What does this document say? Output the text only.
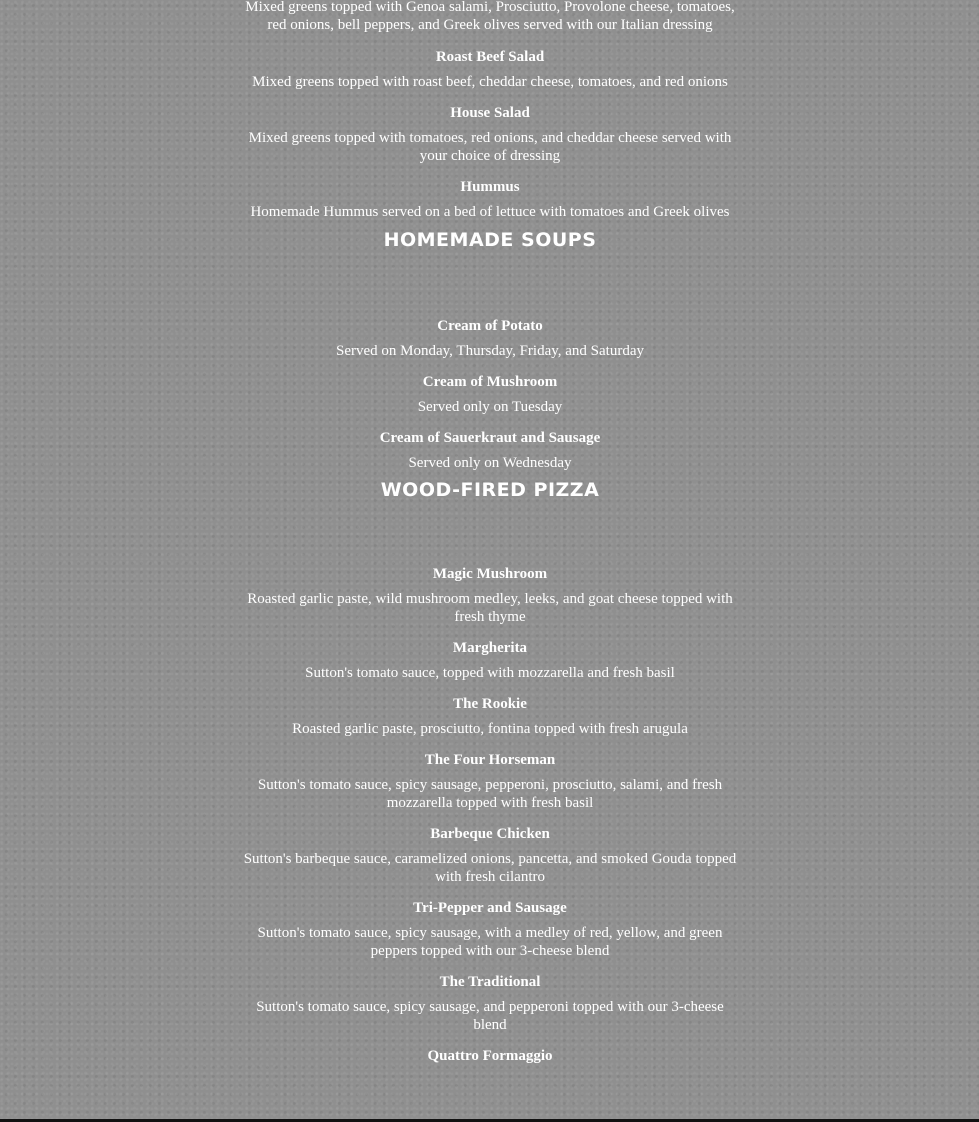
Mixed greens topped with Genoa salami, Prosciutto, Provolone cheese, tomatoes, red onions, bell peppers, and Greek olives served with our Italian dressing

Roast Beef Salad

Mixed greens topped with roast beef, cheddar cheese, tomatoes, and red onions

House Salad

Mixed greens topped with tomatoes, red onions, and cheddar cheese served with your choice of dressing

Hummus

Homemade Hummus served on a bed of lettuce with tomatoes and Greek olives

HOMEMADE SOUPS

Cream of Potato

Served on Monday, Thursday, Friday, and Saturday

Cream of Mushroom

Served only on Tuesday

Cream of Sauerkraut and Sausage

Served only on Wednesday

WOOD-FIRED PIZZA

Magic Mushroom

Roasted garlic paste, wild mushroom medley, leeks, and goat cheese topped with fresh thyme

Margherita

Sutton's tomato sauce, topped with mozzarella and fresh basil

The Rookie

Roasted garlic paste, prosciutto, fontina topped with fresh arugula

The Four Horseman

Sutton's tomato sauce, spicy sausage, pepperoni, prosciutto, salami, and fresh mozzarella topped with fresh basil

Barbeque Chicken

Sutton's barbeque sauce, caramelized onions, pancetta, and smoked Gouda topped with fresh cilantro

Tri-Pepper and Sausage

Sutton's tomato sauce, spicy sausage, with a medley of red, yellow, and green peppers topped with our 3-cheese blend

The Traditional

Sutton's tomato sauce, spicy sausage, and pepperoni topped with our 3-cheese blend

Quattro Formaggio
